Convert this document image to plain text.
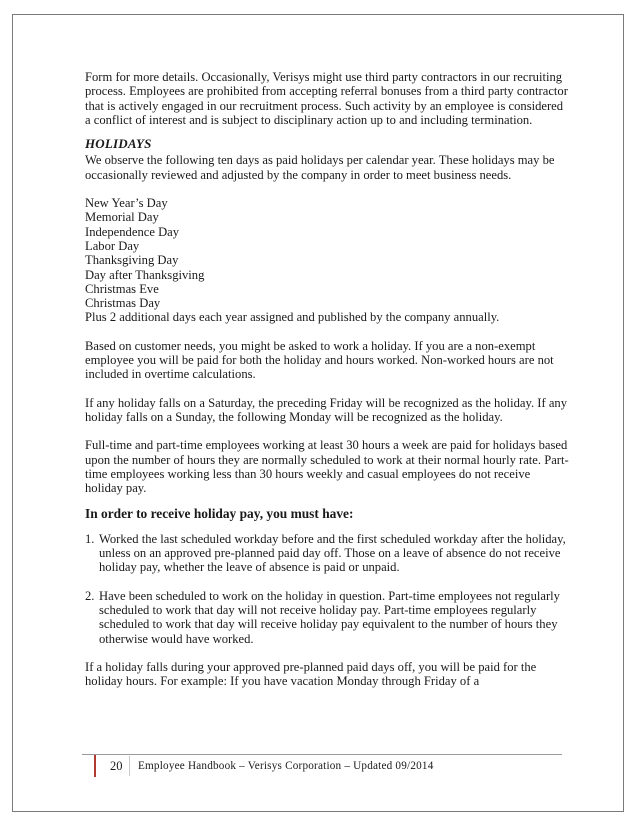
Form for more details. Occasionally, Verisys might use third party contractors in our recruiting process. Employees are prohibited from accepting referral bonuses from a third party contractor that is actively engaged in our recruitment process. Such activity by an employee is considered a conflict of interest and is subject to disciplinary action up to and including termination.

HOLIDAYS

We observe the following ten days as paid holidays per calendar year. These holidays may be occasionally reviewed and adjusted by the company in order to meet business needs.

New Year’s Day
Memorial Day
Independence Day
Labor Day
Thanksgiving Day
Day after Thanksgiving
Christmas Eve
Christmas Day
Plus 2 additional days each year assigned and published by the company annually.

Based on customer needs, you might be asked to work a holiday. If you are a non-exempt employee you will be paid for both the holiday and hours worked. Non-worked hours are not included in overtime calculations.

If any holiday falls on a Saturday, the preceding Friday will be recognized as the holiday. If any holiday falls on a Sunday, the following Monday will be recognized as the holiday.

Full-time and part-time employees working at least 30 hours a week are paid for holidays based upon the number of hours they are normally scheduled to work at their normal hourly rate. Part-time employees working less than 30 hours weekly and casual employees do not receive holiday pay.

In order to receive holiday pay, you must have:
1. Worked the last scheduled workday before and the first scheduled workday after the holiday, unless on an approved pre-planned paid day off. Those on a leave of absence do not receive holiday pay, whether the leave of absence is paid or unpaid.
2. Have been scheduled to work on the holiday in question. Part-time employees not regularly scheduled to work that day will not receive holiday pay. Part-time employees regularly scheduled to work that day will receive holiday pay equivalent to the number of hours they otherwise would have worked.

If a holiday falls during your approved pre-planned paid days off, you will be paid for the holiday hours. For example: If you have vacation Monday through Friday of a

20 Employee Handbook – Verisys Corporation – Updated 09/2014
